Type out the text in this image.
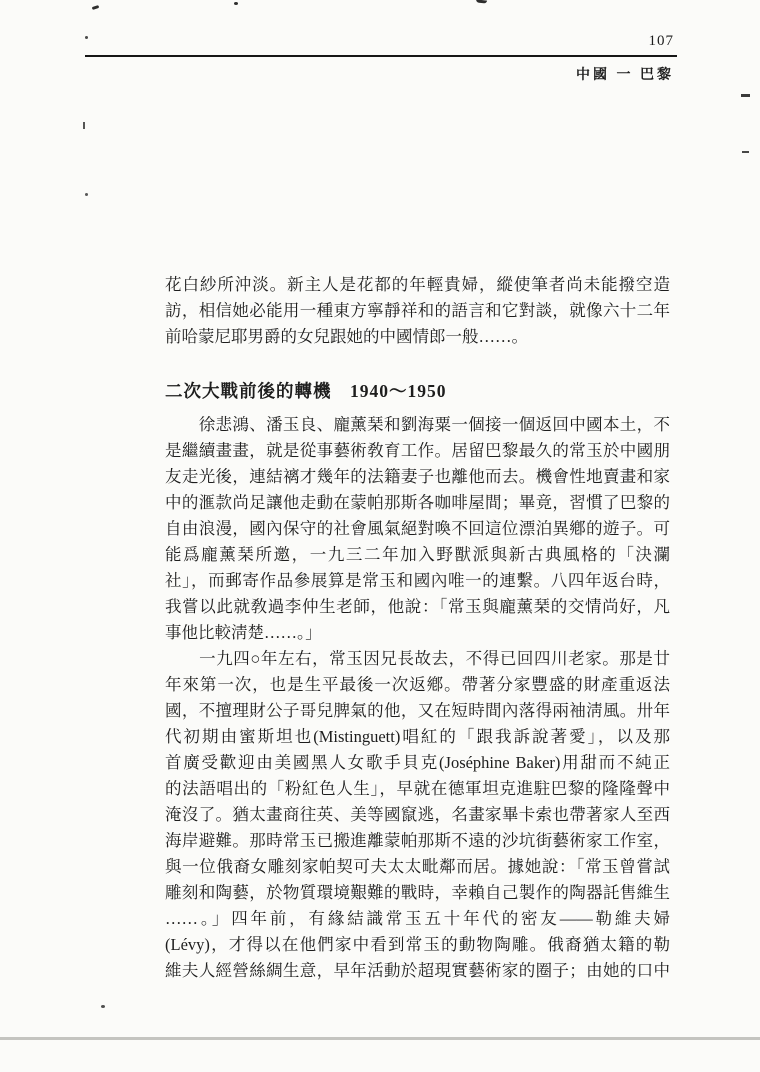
107
中國 一 巴黎
花白紗所沖淡。新主人是花都的年輕貴婦，縱使筆者尚未能撥空造
訪，相信她必能用一種東方寧靜祥和的語言和它對談，就像六十二年
前哈蒙尼耶男爵的女兒跟她的中國情郎一般……。
二次大戰前後的轉機　1940～1950
　　徐悲鴻、潘玉良、龐薰琹和劉海粟一個接一個返回中國本土，不
是繼續畫畫，就是從事藝術敎育工作。居留巴黎最久的常玉於中國朋
友走光後，連結褵才幾年的法籍妻子也離他而去。機會性地賣畫和家
中的滙款尚足讓他走動在蒙帕那斯各咖啡屋間；畢竟，習慣了巴黎的
自由浪漫，國內保守的社會風氣絕對喚不回這位漂泊異鄕的遊子。可
能爲龐薰琹所邀，一九三二年加入野獸派與新古典風格的「決瀾
社」，而郵寄作品參展算是常玉和國內唯一的連繫。八四年返台時，
我嘗以此就敎過李仲生老師，他說：「常玉與龐薰琹的交情尚好，凡
事他比較淸楚……。」
　　一九四○年左右，常玉因兄長故去，不得已回四川老家。那是廿
年來第一次，也是生平最後一次返鄕。帶著分家豐盛的財產重返法
國，不擅理財公子哥兒脾氣的他，又在短時間內落得兩袖淸風。卅年
代初期由蜜斯坦也(Mistinguett)唱紅的「跟我訴說著愛」，以及那
首廣受歡迎由美國黑人女歌手貝克(Joséphine Baker)用甜而不純正
的法語唱出的「粉紅色人生」，早就在德軍坦克進駐巴黎的隆隆聲中
淹沒了。猶太畫商往英、美等國竄逃，名畫家畢卡索也帶著家人至西
海岸避難。那時常玉已搬進離蒙帕那斯不遠的沙坑街藝術家工作室，
與一位俄裔女雕刻家帕契可夫太太毗鄰而居。據她說：「常玉曾嘗試
雕刻和陶藝，於物質環境艱難的戰時，幸賴自己製作的陶器託售維生
……。」四年前，有緣結識常玉五十年代的密友——勒維夫婦
(Lévy)，才得以在他們家中看到常玉的動物陶雕。俄裔猶太籍的勒
維夫人經營絲綢生意，早年活動於超現實藝術家的圈子；由她的口中
